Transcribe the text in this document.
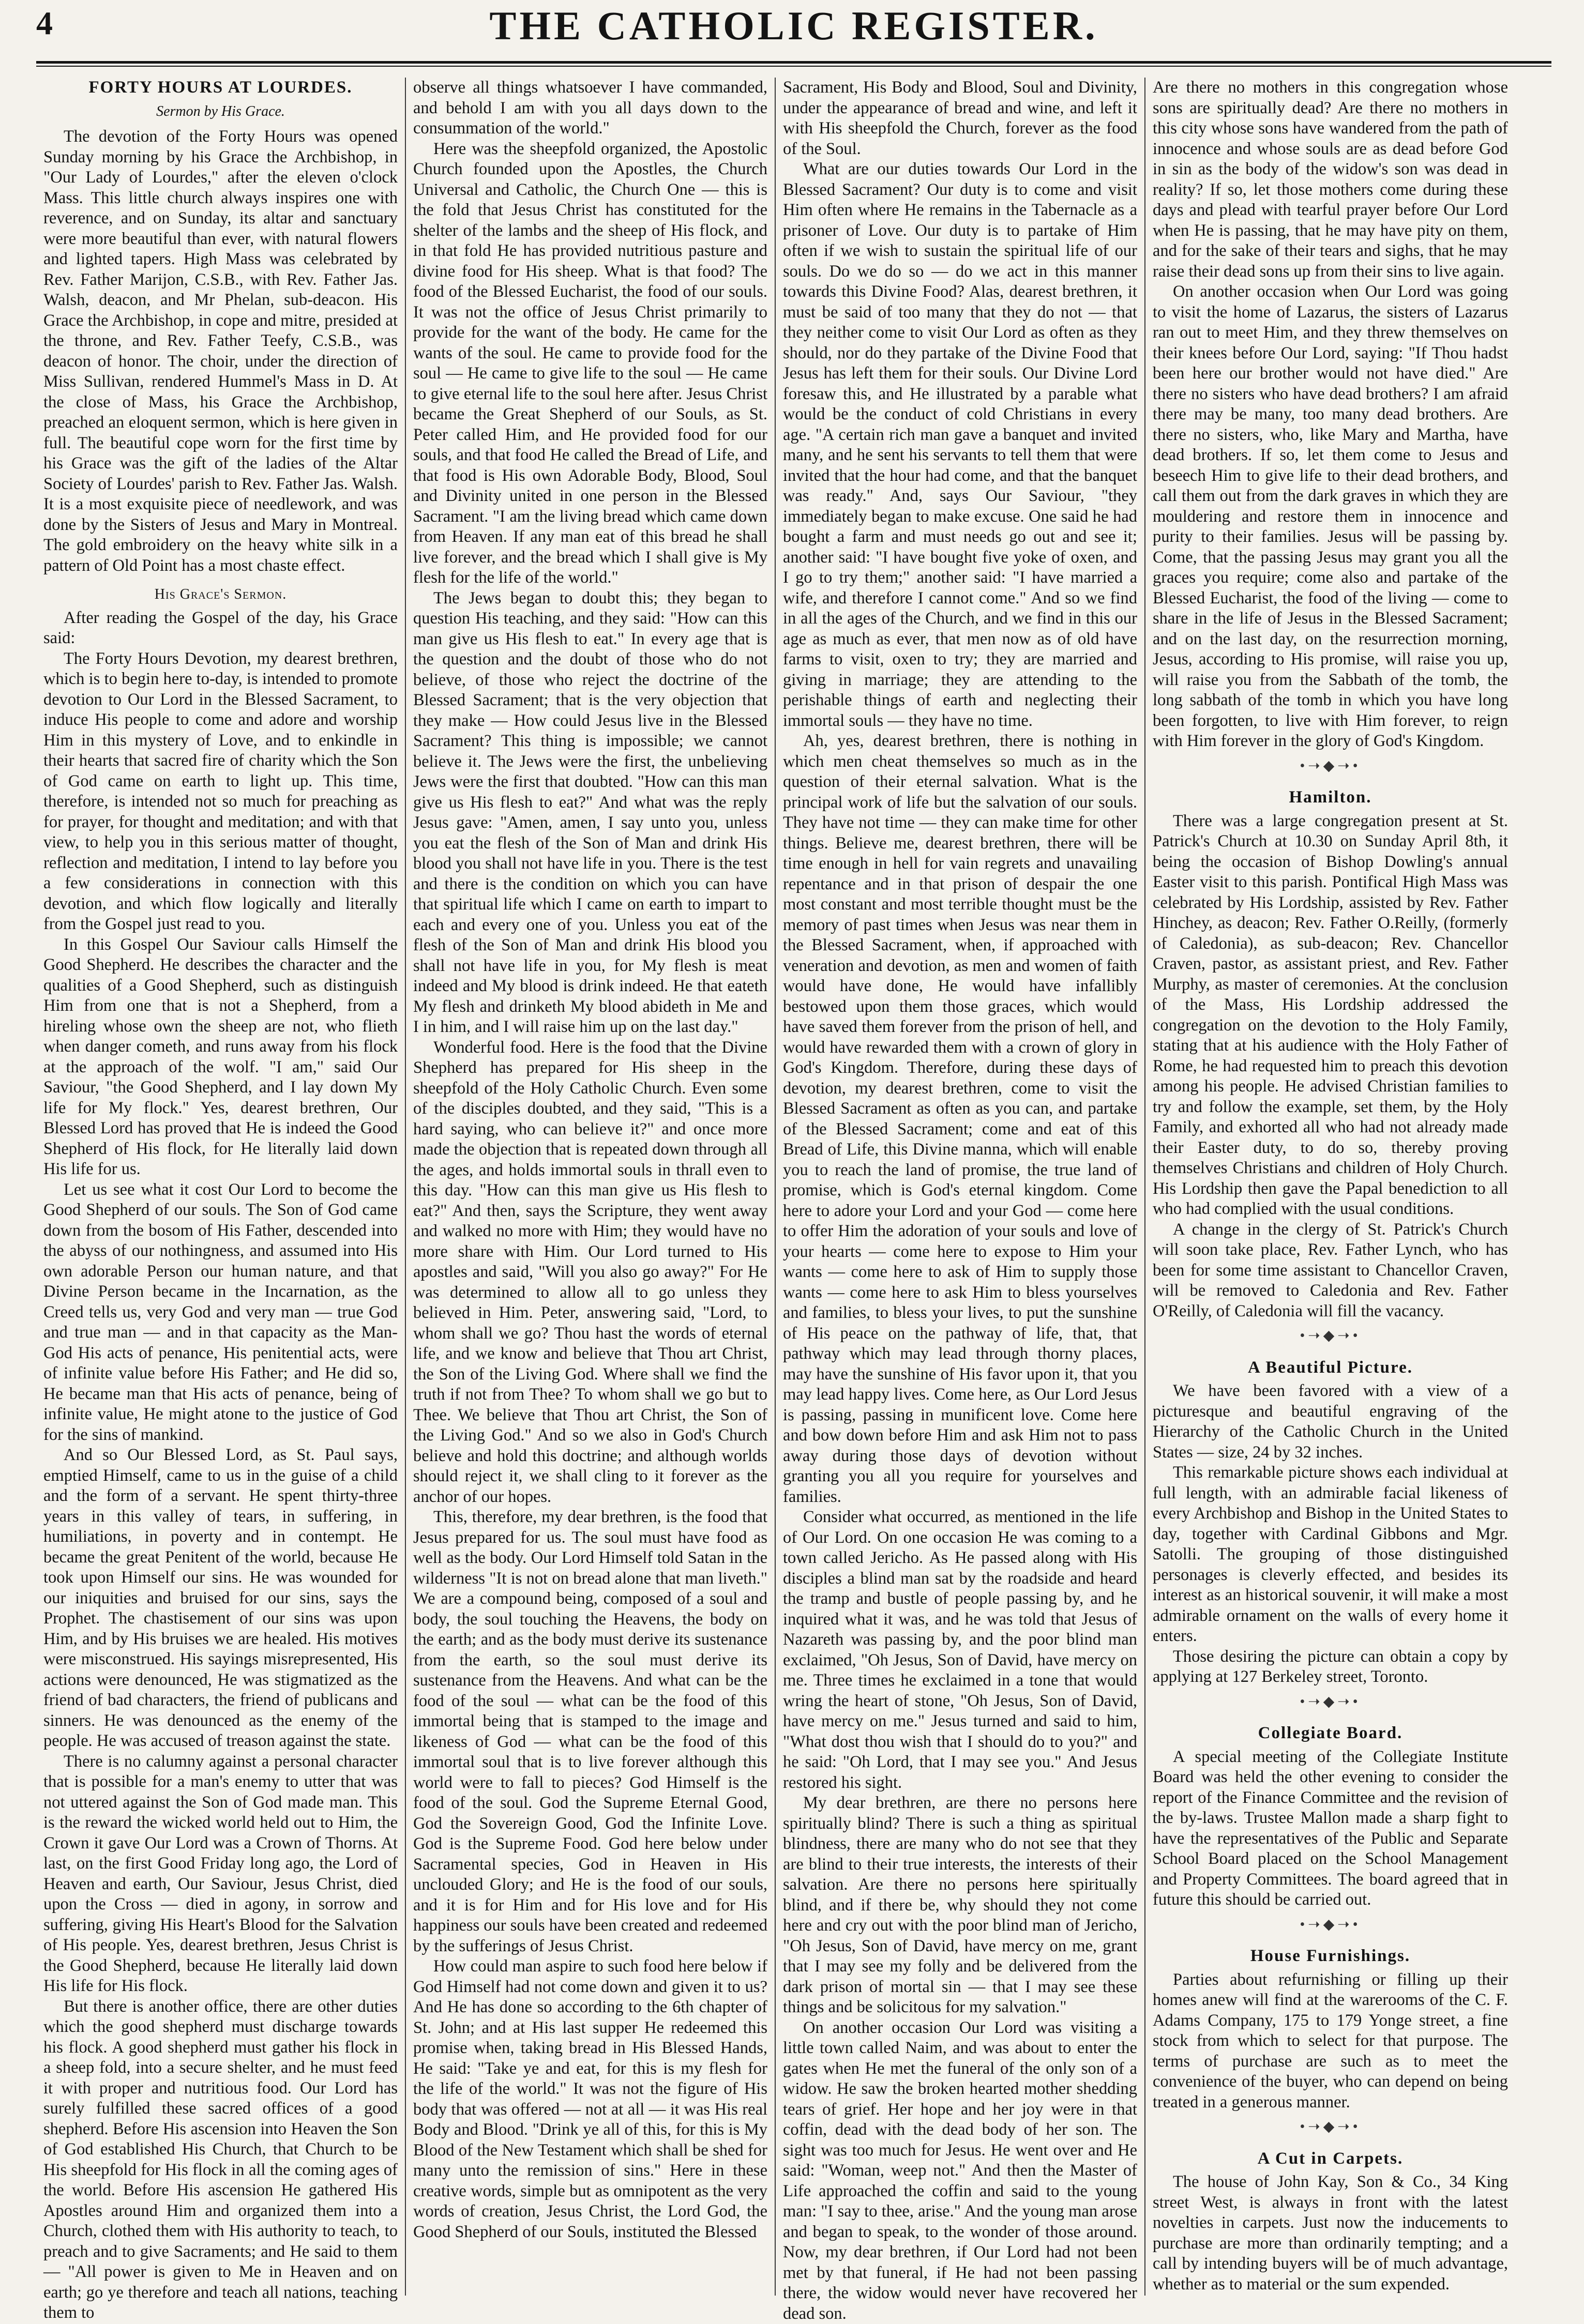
4	THE CATHOLIC REGISTER.
FORTY HOURS AT LOURDES.
Sermon by His Grace.

The devotion of the Forty Hours was opened Sunday morning by his Grace the Archbishop, in "Our Lady of Lourdes," after the eleven o'clock Mass. This little church always inspires one with reverence, and on Sunday, its altar and sanctuary were more beautiful than ever, with natural flowers and lighted tapers. High Mass was celebrated by Rev. Father Marijon, C.S.B., with Rev. Father Jas. Walsh, deacon, and Mr Phelan, sub-deacon. His Grace the Archbishop, in cope and mitre, presided at the throne, and Rev. Father Teefy, C.S.B., was deacon of honor. The choir, under the direction of Miss Sullivan, rendered Hummel's Mass in D. At the close of Mass, his Grace the Archbishop, preached an eloquent sermon, which is here given in full. The beautiful cope worn for the first time by his Grace was the gift of the ladies of the Altar Society of Lourdes' parish to Rev. Father Jas. Walsh. It is a most exquisite piece of needlework, and was done by the Sisters of Jesus and Mary in Montreal. The gold embroidery on the heavy white silk in a pattern of Old Point has a most chaste effect.

His Grace's Sermon.

After reading the Gospel of the day, his Grace said:

The Forty Hours Devotion, my dearest brethren, which is to begin here to-day, is intended to promote devotion to Our Lord in the Blessed Sacrament, to induce His people to come and adore and worship Him in this mystery of Love, and to enkindle in their hearts that sacred fire of charity which the Son of God came on earth to light up. This time, therefore, is intended not so much for preaching as for prayer, for thought and meditation; and with that view, to help you in this serious matter of thought, reflection and meditation, I intend to lay before you a few considerations in connection with this devotion, and which flow logically and literally from the Gospel just read to you.

In this Gospel Our Saviour calls Himself the Good Shepherd. He describes the character and the qualities of a Good Shepherd, such as distinguish Him from one that is not a Shepherd, from a hireling whose own the sheep are not, who flieth when danger cometh, and runs away from his flock at the approach of the wolf. "I am," said Our Saviour, "the Good Shepherd, and I lay down My life for My flock." Yes, dearest brethren, Our Blessed Lord has proved that He is indeed the Good Shepherd of His flock, for He literally laid down His life for us.

Let us see what it cost Our Lord to become the Good Shepherd of our souls. The Son of God came down from the bosom of His Father, descended into the abyss of our nothingness, and assumed into His own adorable Person our human nature, and that Divine Person became in the Incarnation, as the Creed tells us, very God and very man — true God and true man — and in that capacity as the Man-God His acts of penance, His penitential acts, were of infinite value before His Father; and He did so, He became man that His acts of penance, being of infinite value, He might atone to the justice of God for the sins of mankind.

And so Our Blessed Lord, as St. Paul says, emptied Himself, came to us in the guise of a child and the form of a servant. He spent thirty-three years in this valley of tears, in suffering, in humiliations, in poverty and in contempt. He became the great Penitent of the world, because He took upon Himself our sins. He was wounded for our iniquities and bruised for our sins, says the Prophet. The chastisement of our sins was upon Him, and by His bruises we are healed. His motives were misconstrued. His sayings misrepresented, His actions were denounced, He was stigmatized as the friend of bad characters, the friend of publicans and sinners. He was denounced as the enemy of the people. He was accused of treason against the state.

There is no calumny against a personal character that is possible for a man's enemy to utter that was not uttered against the Son of God made man. This is the reward the wicked world held out to Him, the Crown it gave Our Lord was a Crown of Thorns. At last, on the first Good Friday long ago, the Lord of Heaven and earth, Our Saviour, Jesus Christ, died upon the Cross — died in agony, in sorrow and suffering, giving His Heart's Blood for the Salvation of His people. Yes, dearest brethren, Jesus Christ is the Good Shepherd, because He literally laid down His life for His flock.

But there is another office, there are other duties which the good shepherd must discharge towards his flock. A good shepherd must gather his flock in a sheep fold, into a secure shelter, and he must feed it with proper and nutritious food. Our Lord has surely fulfilled these sacred offices of a good shepherd. Before His ascension into Heaven the Son of God established His Church, that Church to be His sheepfold for His flock in all the coming ages of the world. Before His ascension He gathered His Apostles around Him and organized them into a Church, clothed them with His authority to teach, to preach and to give Sacraments; and He said to them — "All power is given to Me in Heaven and on earth; go ye therefore and teach all nations, teaching them to

observe all things whatsoever I have commanded, and behold I am with you all days down to the consummation of the world."

Here was the sheepfold organized, the Apostolic Church founded upon the Apostles, the Church Universal and Catholic, the Church One — this is the fold that Jesus Christ has constituted for the shelter of the lambs and the sheep of His flock, and in that fold He has provided nutritious pasture and divine food for His sheep. What is that food? The food of the Blessed Eucharist, the food of our souls. It was not the office of Jesus Christ primarily to provide for the want of the body. He came for the wants of the soul. He came to provide food for the soul — He came to give life to the soul — He came to give eternal life to the soul here after. Jesus Christ became the Great Shepherd of our Souls, as St. Peter called Him, and He provided food for our souls, and that food He called the Bread of Life, and that food is His own Adorable Body, Blood, Soul and Divinity united in one person in the Blessed Sacrament. "I am the living bread which came down from Heaven. If any man eat of this bread he shall live forever, and the bread which I shall give is My flesh for the life of the world."

The Jews began to doubt this; they began to question His teaching, and they said: "How can this man give us His flesh to eat." In every age that is the question and the doubt of those who do not believe, of those who reject the doctrine of the Blessed Sacrament; that is the very objection that they make — How could Jesus live in the Blessed Sacrament? This thing is impossible; we cannot believe it. The Jews were the first, the unbelieving Jews were the first that doubted. "How can this man give us His flesh to eat?" And what was the reply Jesus gave: "Amen, amen, I say unto you, unless you eat the flesh of the Son of Man and drink His blood you shall not have life in you. There is the test and there is the condition on which you can have that spiritual life which I came on earth to impart to each and every one of you. Unless you eat of the flesh of the Son of Man and drink His blood you shall not have life in you, for My flesh is meat indeed and My blood is drink indeed. He that eateth My flesh and drinketh My blood abideth in Me and I in him, and I will raise him up on the last day."

Wonderful food. Here is the food that the Divine Shepherd has prepared for His sheep in the sheepfold of the Holy Catholic Church. Even some of the disciples doubted, and they said, "This is a hard saying, who can believe it?" and once more made the objection that is repeated down through all the ages, and holds immortal souls in thrall even to this day. "How can this man give us His flesh to eat?" And then, says the Scripture, they went away and walked no more with Him; they would have no more share with Him. Our Lord turned to His apostles and said, "Will you also go away?" For He was determined to allow all to go unless they believed in Him. Peter, answering said, "Lord, to whom shall we go? Thou hast the words of eternal life, and we know and believe that Thou art Christ, the Son of the Living God. Where shall we find the truth if not from Thee? To whom shall we go but to Thee. We believe that Thou art Christ, the Son of the Living God." And so we also in God's Church believe and hold this doctrine; and although worlds should reject it, we shall cling to it forever as the anchor of our hopes.

This, therefore, my dear brethren, is the food that Jesus prepared for us. The soul must have food as well as the body. Our Lord Himself told Satan in the wilderness "It is not on bread alone that man liveth." We are a compound being, composed of a soul and body, the soul touching the Heavens, the body on the earth; and as the body must derive its sustenance from the earth, so the soul must derive its sustenance from the Heavens. And what can be the food of the soul — what can be the food of this immortal being that is stamped to the image and likeness of God — what can be the food of this immortal soul that is to live forever although this world were to fall to pieces? God Himself is the food of the soul. God the Supreme Eternal Good, God the Sovereign Good, God the Infinite Love. God is the Supreme Food. God here below under Sacramental species, God in Heaven in His unclouded Glory; and He is the food of our souls, and it is for Him and for His love and for His happiness our souls have been created and redeemed by the sufferings of Jesus Christ.

How could man aspire to such food here below if God Himself had not come down and given it to us? And He has done so according to the 6th chapter of St. John; and at His last supper He redeemed this promise when, taking bread in His Blessed Hands, He said: "Take ye and eat, for this is my flesh for the life of the world." It was not the figure of His body that was offered — not at all — it was His real Body and Blood. "Drink ye all of this, for this is My Blood of the New Testament which shall be shed for many unto the remission of sins." Here in these creative words, simple but as omnipotent as the very words of creation, Jesus Christ, the Lord God, the Good Shepherd of our Souls, instituted the Blessed

Sacrament, His Body and Blood, Soul and Divinity, under the appearance of bread and wine, and left it with His sheepfold the Church, forever as the food of the Soul.

What are our duties towards Our Lord in the Blessed Sacrament? Our duty is to come and visit Him often where He remains in the Tabernacle as a prisoner of Love. Our duty is to partake of Him often if we wish to sustain the spiritual life of our souls. Do we do so — do we act in this manner towards this Divine Food? Alas, dearest brethren, it must be said of too many that they do not — that they neither come to visit Our Lord as often as they should, nor do they partake of the Divine Food that Jesus has left them for their souls. Our Divine Lord foresaw this, and He illustrated by a parable what would be the conduct of cold Christians in every age. "A certain rich man gave a banquet and invited many, and he sent his servants to tell them that were invited that the hour had come, and that the banquet was ready." And, says Our Saviour, "they immediately began to make excuse. One said he had bought a farm and must needs go out and see it; another said: "I have bought five yoke of oxen, and I go to try them;" another said: "I have married a wife, and therefore I cannot come." And so we find in all the ages of the Church, and we find in this our age as much as ever, that men now as of old have farms to visit, oxen to try; they are married and giving in marriage; they are attending to the perishable things of earth and neglecting their immortal souls — they have no time.

Ah, yes, dearest brethren, there is nothing in which men cheat themselves so much as in the question of their eternal salvation. What is the principal work of life but the salvation of our souls. They have not time — they can make time for other things. Believe me, dearest brethren, there will be time enough in hell for vain regrets and unavailing repentance and in that prison of despair the one most constant and most terrible thought must be the memory of past times when Jesus was near them in the Blessed Sacrament, when, if approached with veneration and devotion, as men and women of faith would have done, He would have infallibly bestowed upon them those graces, which would have saved them forever from the prison of hell, and would have rewarded them with a crown of glory in God's Kingdom. Therefore, during these days of devotion, my dearest brethren, come to visit the Blessed Sacrament as often as you can, and partake of the Blessed Sacrament; come and eat of this Bread of Life, this Divine manna, which will enable you to reach the land of promise, the true land of promise, which is God's eternal kingdom. Come here to adore your Lord and your God — come here to offer Him the adoration of your souls and love of your hearts — come here to expose to Him your wants — come here to ask of Him to supply those wants — come here to ask Him to bless yourselves and families, to bless your lives, to put the sunshine of His peace on the pathway of life, that, that pathway which may lead through thorny places, may have the sunshine of His favor upon it, that you may lead happy lives. Come here, as Our Lord Jesus is passing, passing in munificent love. Come here and bow down before Him and ask Him not to pass away during those days of devotion without granting you all you require for yourselves and families.

Consider what occurred, as mentioned in the life of Our Lord. On one occasion He was coming to a town called Jericho. As He passed along with His disciples a blind man sat by the roadside and heard the tramp and bustle of people passing by, and he inquired what it was, and he was told that Jesus of Nazareth was passing by, and the poor blind man exclaimed, "Oh Jesus, Son of David, have mercy on me. Three times he exclaimed in a tone that would wring the heart of stone, "Oh Jesus, Son of David, have mercy on me." Jesus turned and said to him, "What dost thou wish that I should do to you?" and he said: "Oh Lord, that I may see you." And Jesus restored his sight.

My dear brethren, are there no persons here spiritually blind? There is such a thing as spiritual blindness, there are many who do not see that they are blind to their true interests, the interests of their salvation. Are there no persons here spiritually blind, and if there be, why should they not come here and cry out with the poor blind man of Jericho, "Oh Jesus, Son of David, have mercy on me, grant that I may see my folly and be delivered from the dark prison of mortal sin — that I may see these things and be solicitous for my salvation."

On another occasion Our Lord was visiting a little town called Naim, and was about to enter the gates when He met the funeral of the only son of a widow. He saw the broken hearted mother shedding tears of grief. Her hope and her joy were in that coffin, dead with the dead body of her son. The sight was too much for Jesus. He went over and He said: "Woman, weep not." And then the Master of Life approached the coffin and said to the young man: "I say to thee, arise." And the young man arose and began to speak, to the wonder of those around. Now, my dear brethren, if Our Lord had not been met by that funeral, if He had not been passing there, the widow would never have recovered her dead son.

Are there no mothers in this congregation whose sons are spiritually dead? Are there no mothers in this city whose sons have wandered from the path of innocence and whose souls are as dead before God in sin as the body of the widow's son was dead in reality? If so, let those mothers come during these days and plead with tearful prayer before Our Lord when He is passing, that he may have pity on them, and for the sake of their tears and sighs, that he may raise their dead sons up from their sins to live again.

On another occasion when Our Lord was going to visit the home of Lazarus, the sisters of Lazarus ran out to meet Him, and they threw themselves on their knees before Our Lord, saying: "If Thou hadst been here our brother would not have died." Are there no sisters who have dead brothers? I am afraid there may be many, too many dead brothers. Are there no sisters, who, like Mary and Martha, have dead brothers. If so, let them come to Jesus and beseech Him to give life to their dead brothers, and call them out from the dark graves in which they are mouldering and restore them in innocence and purity to their families. Jesus will be passing by. Come, that the passing Jesus may grant you all the graces you require; come also and partake of the Blessed Eucharist, the food of the living — come to share in the life of Jesus in the Blessed Sacrament; and on the last day, on the resurrection morning, Jesus, according to His promise, will raise you up, will raise you from the Sabbath of the tomb, the long sabbath of the tomb in which you have long been forgotten, to live with Him forever, to reign with Him forever in the glory of God's Kingdom.

•➝◆➝•
Hamilton.

There was a large congregation present at St. Patrick's Church at 10.30 on Sunday April 8th, it being the occasion of Bishop Dowling's annual Easter visit to this parish. Pontifical High Mass was celebrated by His Lordship, assisted by Rev. Father Hinchey, as deacon; Rev. Father O.Reilly, (formerly of Caledonia), as sub-deacon; Rev. Chancellor Craven, pastor, as assistant priest, and Rev. Father Murphy, as master of ceremonies. At the conclusion of the Mass, His Lordship addressed the congregation on the devotion to the Holy Family, stating that at his audience with the Holy Father of Rome, he had requested him to preach this devotion among his people. He advised Christian families to try and follow the example, set them, by the Holy Family, and exhorted all who had not already made their Easter duty, to do so, thereby proving themselves Christians and children of Holy Church. His Lordship then gave the Papal benediction to all who had complied with the usual conditions.

A change in the clergy of St. Patrick's Church will soon take place, Rev. Father Lynch, who has been for some time assistant to Chancellor Craven, will be removed to Caledonia and Rev. Father O'Reilly, of Caledonia will fill the vacancy.

•➝◆➝•
A Beautiful Picture.

We have been favored with a view of a picturesque and beautiful engraving of the Hierarchy of the Catholic Church in the United States — size, 24 by 32 inches.

This remarkable picture shows each individual at full length, with an admirable facial likeness of every Archbishop and Bishop in the United States to day, together with Cardinal Gibbons and Mgr. Satolli. The grouping of those distinguished personages is cleverly effected, and besides its interest as an historical souvenir, it will make a most admirable ornament on the walls of every home it enters.

Those desiring the picture can obtain a copy by applying at 127 Berkeley street, Toronto.

•➝◆➝•
Collegiate Board.

A special meeting of the Collegiate Institute Board was held the other evening to consider the report of the Finance Committee and the revision of the by-laws. Trustee Mallon made a sharp fight to have the representatives of the Public and Separate School Board placed on the School Management and Property Committees. The board agreed that in future this should be carried out.

•➝◆➝•
House Furnishings.

Parties about refurnishing or filling up their homes anew will find at the warerooms of the C. F. Adams Company, 175 to 179 Yonge street, a fine stock from which to select for that purpose. The terms of purchase are such as to meet the convenience of the buyer, who can depend on being treated in a generous manner.

•➝◆➝•
A Cut in Carpets.

The house of John Kay, Son & Co., 34 King street West, is always in front with the latest novelties in carpets. Just now the inducements to purchase are more than ordinarily tempting; and a call by intending buyers will be of much advantage, whether as to material or the sum expended.
